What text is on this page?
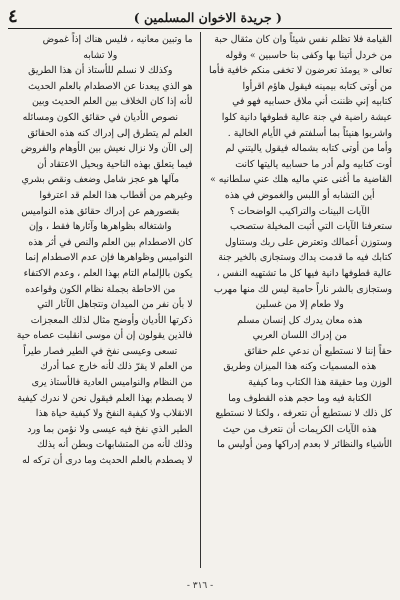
٤	( جريدة الاخوان المسلمين )
القيامة فلا تظلم نفس شيئاً وان كان مثقال حبة
من خردل أتينا بها وكفى بنا حاسبين » وقوله
تعالى « يومئذ تعرضون لا تخفى منكم خافية فأما
من أوتى كتابه بيمينه فيقول هاؤم اقرأوا
كتابيه إني ظننت أني ملاق حسابيه فهو في
عيشة راضية في جنة عالية قطوفها دانية كلوا
واشربوا هنيئاً بما أسلفتم في الأيام الخالية .
وأما من أوتى كتابه بشماله فيقول ياليتني لم
أوت كتابيه ولم أدر ما حسابيه ياليتها كانت
القاضية ما أغنى عني ماليه هلك عني سلطانيه »
أين التشابه أو اللبس والغموض في هذه
الآيات البينات والتراكيب الواضحات ؟
ستعرفنا الآيات التي أثبت المخيلة ستصحب
وستوزن أعمالك وتعترض على ربك وستناول
كتابك فيه ما قدمت يداك وستجازى بالخير جنة
عالية قطوفها دانية فيها كل ما تشتهيه النفس ،
وستجازى بالشر ناراً حامية ليس لك منها مهرب
ولا طعام إلا من غسلين
هذه معان يدرك كل إنسان مسلم
من إدراك اللسان العربي
حقاً إننا لا نستطيع أن ندعي علم حقائق
هذه المسميات وكنه هذا الميزان وطريق
الوزن وما حقيقة هذا الكتاب وما كيفية
الكتابة فيه وما حجم هذه القطوف وما
كل ذلك لا نستطيع أن نتعرفه ، ولكنا لا نستطيع
هذه الآيات الكريمات أن نتعرف من حيث
الأشياء والنظائر لا بعدم إدراكها ومن أوليس ما
ما وتبين معانيه ، فليس هناك إذاً غموض
ولا تشابه
وكذلك لا نسلم للأستاذ أن هذا الطريق
هو الذي يبعدنا عن الاصطدام بالعلم الحديث
لأنه إذا كان الخلاف بين العلم الحديث وبين
نصوص الأديان في حقائق الكون ومسائله
العلم لم يتطرق إلى إدراك كنه هذه الحقائق
إلى الآن ولا نزال نعيش بين الأوهام والفروض
فيما يتعلق بهذه الناحية وبحيل الاعتقاد أن
مآلها هو عجز شامل وضعف ونقص بشري
وغيرهم من أقطاب هذا العلم قد اعترفوا
بقصورهم عن إدراك حقائق هذه النواميس
واشتغاله بظواهرها وآثارها فقط ، وإن
كان الاصطدام بين العلم والنص في أثر هذه
النواميس وظواهرها فإن عدم الاصطدام إنما
يكون بالإلمام التام بهذا العلم ، وعدم الاكتفاء
من الاحاطة بجملة نظام الكون وقواعده
لا بأن نفر من الميدان ونتجاهل الآثار التي
ذكرتها الأديان وأوضح مثال لذلك المعجزات
فالذين يقولون إن أن موسى انقلبت عصاه حية
تسعى وعيسى نفخ في الطير فصار طيراً
من العلم لا يقرّ ذلك لأنه خارج عما أدرك
من النظام والنواميس العادية فالأستاذ يرى
لا يصطدم بهذا العلم فيقول نحن لا ندرك كيفية
الانقلاب ولا كيفية النفخ ولا كيفية حياة هذا
الطير الذي نفخ فيه عيسى ولا نؤمن بما ورد
وذلك لأنه من المتشابهات وبطن أنه يذلك
لا يصطدم بالعلم الحديث وما درى أن تركه له
- ٣١٦ -
